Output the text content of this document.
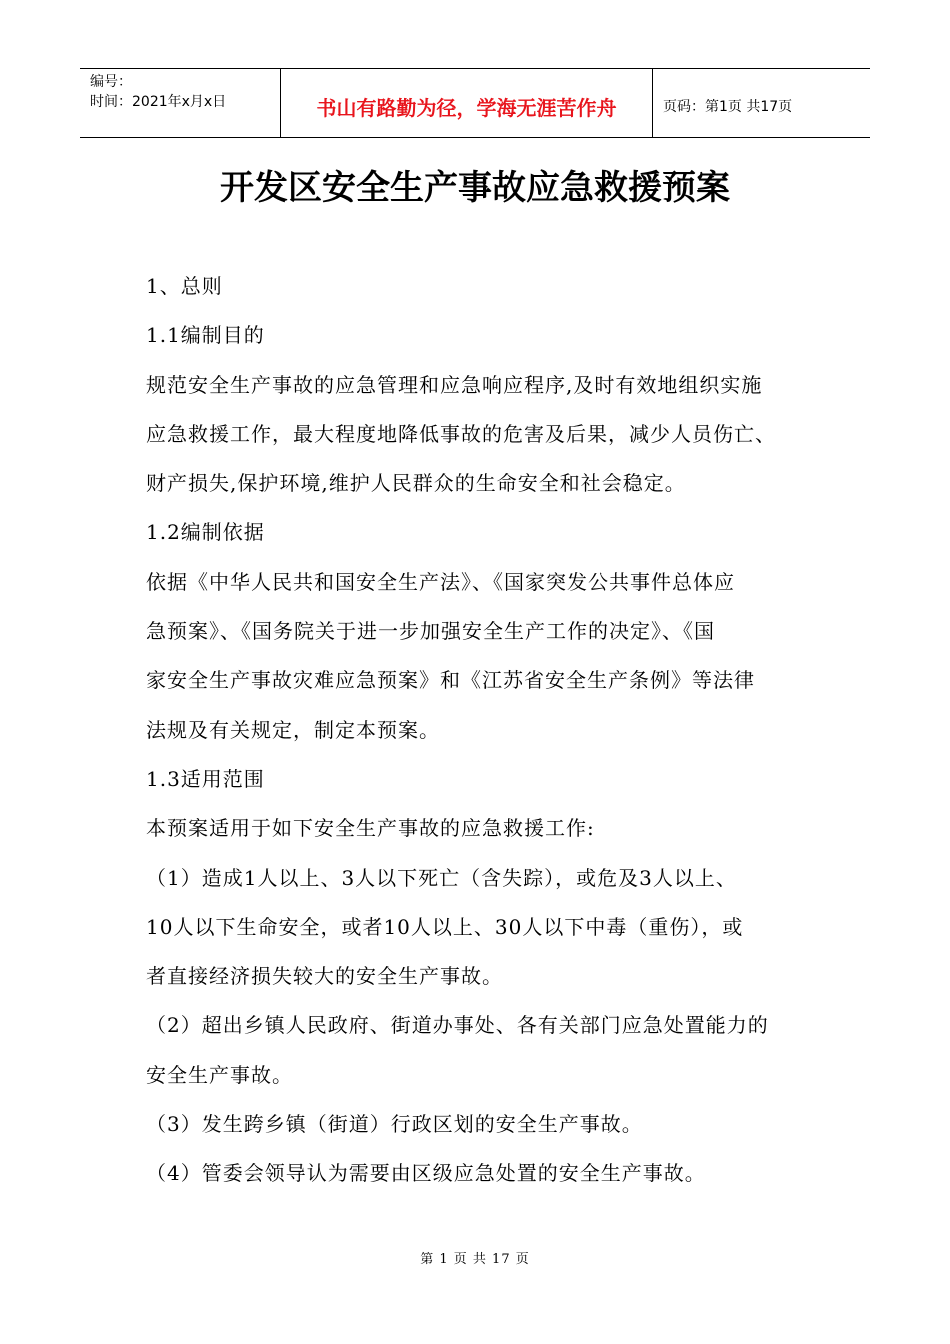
编号：
时间：2021年x月x日	书山有路勤为径，学海无涯苦作舟	页码：第1页 共17页
开发区安全生产事故应急救援预案

1、总则

1.1编制目的

规范安全生产事故的应急管理和应急响应程序,及时有效地组织实施

应急救援工作，最大程度地降低事故的危害及后果，减少人员伤亡、

财产损失,保护环境,维护人民群众的生命安全和社会稳定。

1.2编制依据

依据《中华人民共和国安全生产法》、《国家突发公共事件总体应

急预案》、《国务院关于进一步加强安全生产工作的决定》、《国

家安全生产事故灾难应急预案》和《江苏省安全生产条例》等法律

法规及有关规定，制定本预案。

1.3适用范围

本预案适用于如下安全生产事故的应急救援工作:

（1）造成1人以上、3人以下死亡（含失踪），或危及3人以上、

10人以下生命安全，或者10人以上、30人以下中毒（重伤），或

者直接经济损失较大的安全生产事故。

（2）超出乡镇人民政府、街道办事处、各有关部门应急处置能力的

安全生产事故。

（3）发生跨乡镇（街道）行政区划的安全生产事故。

（4）管委会领导认为需要由区级应急处置的安全生产事故。

第 1 页 共 17 页
